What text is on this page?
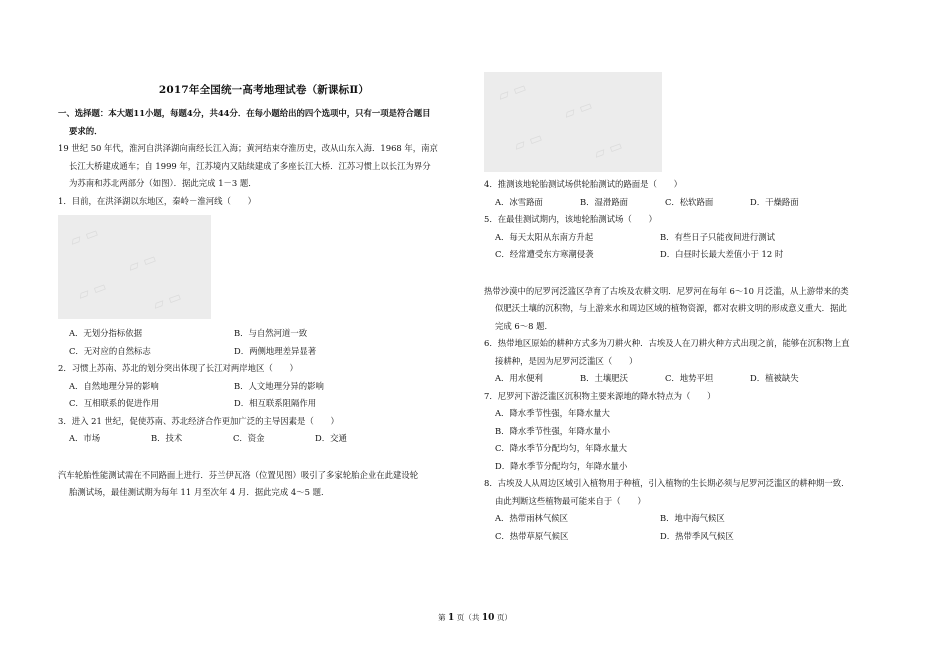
2017年全国统一高考地理试卷（新课标Ⅱ）
一、选择题：本大题11小题，每题4分，共44分．在每小题给出的四个选项中，只有一项是符合题目
要求的．
19 世纪 50 年代，淮河自洪泽湖向南经长江入海；黄河结束夺淮历史，改从山东入海．1968 年，南京
长江大桥建成通车；自 1999 年，江苏境内又陆续建成了多座长江大桥．江苏习惯上以长江为界分
为苏南和苏北两部分（如图）．据此完成 1－3 题．
1．目前，在洪泽湖以东地区，秦岭－淮河线（　　）
▱ ▭
▱ ▭
▱ ▭	▱ ▭
A．无划分指标依据	B．与自然河道一致
C．无对应的自然标志	D．两侧地理差异显著
2．习惯上苏南、苏北的划分突出体现了长江对两岸地区（　　）
A．自然地理分异的影响	B．人文地理分异的影响
C．互相联系的促进作用	D．相互联系阻隔作用
3．进入 21 世纪，促使苏南、苏北经济合作更加广泛的主导因素是（　　）
A．市场	B．技术	C．资金	D．交通
汽车轮胎性能测试需在不同路面上进行．芬兰伊瓦洛（位置见图）吸引了多家轮胎企业在此建设轮
胎测试场，最佳测试期为每年 11 月至次年 4 月．据此完成 4～5 题．
▱ ▭
▱ ▭
▱ ▭	▱ ▭
4．推测该地轮胎测试场供轮胎测试的路面是（　　）
A．冰雪路面	B．湿滑路面	C．松软路面	D．干燥路面
5．在最佳测试期内，该地轮胎测试场（　　）
A．每天太阳从东南方升起	B．有些日子只能夜间进行测试
C．经常遭受东方寒潮侵袭	D．白昼时长最大差值小于 12 时
热带沙漠中的尼罗河泛滥区孕育了古埃及农耕文明．尼罗河在每年 6～10 月泛滥，从上游带来的类
似肥沃土壤的沉积物，与上游来水和周边区域的植物资源，都对农耕文明的形成意义重大．据此
完成 6～8 题．
6．热带地区原始的耕种方式多为刀耕火种．古埃及人在刀耕火种方式出现之前，能够在沉积物上直
接耕种，是因为尼罗河泛滥区（　　）
A．用水便利	B．土壤肥沃	C．地势平坦	D．植被缺失
7．尼罗河下游泛滥区沉积物主要来源地的降水特点为（　　）
A．降水季节性强，年降水量大
B．降水季节性强，年降水量小
C．降水季节分配均匀，年降水量大
D．降水季节分配均匀，年降水量小
8．古埃及人从周边区域引入植物用于种植，引入植物的生长期必须与尼罗河泛滥区的耕种期一致．
由此判断这些植物最可能来自于（　　）
A．热带雨林气候区	B．地中海气候区
C．热带草原气候区	D．热带季风气候区
第 1 页（共 10 页）
